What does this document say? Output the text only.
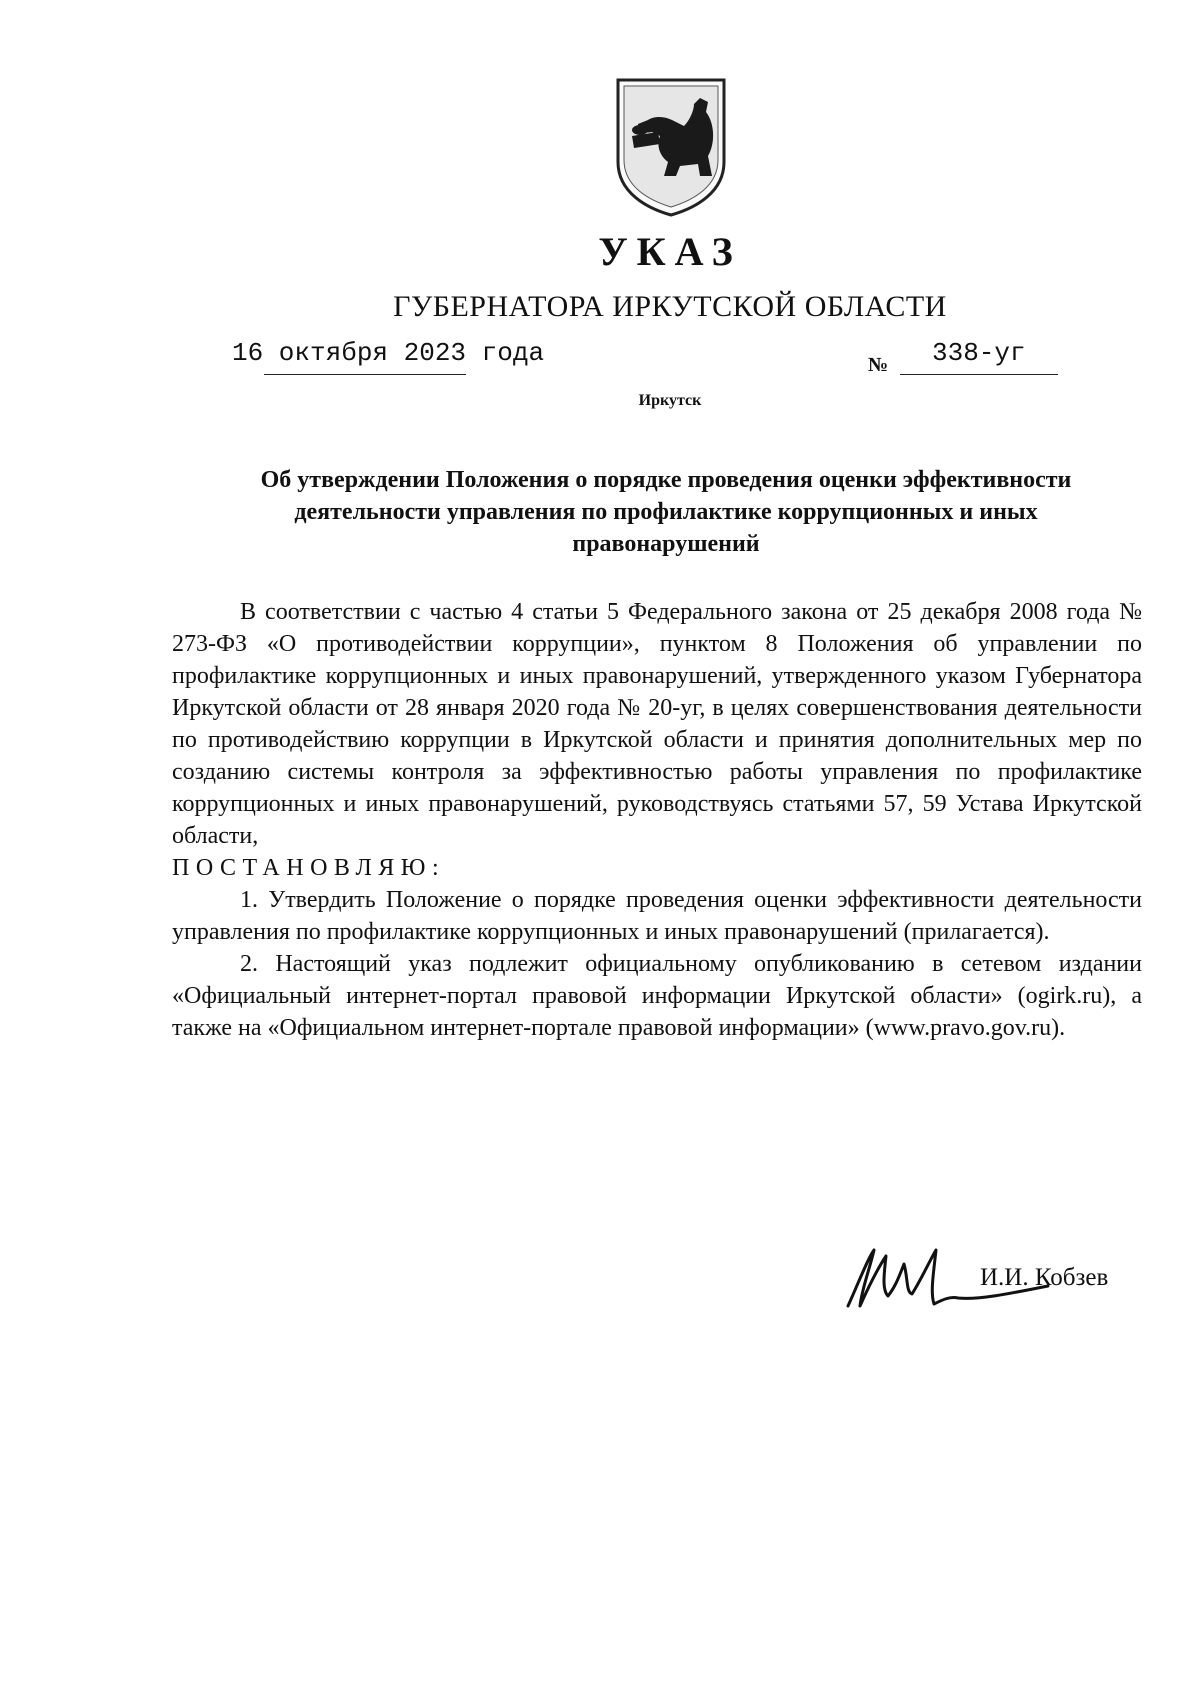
УКАЗ
ГУБЕРНАТОРА ИРКУТСКОЙ ОБЛАСТИ
16 октября 2023 года	№ 338-уг
Иркутск
Об утверждении Положения о порядке проведения оценки эффективности деятельности управления по профилактике коррупционных и иных правонарушений

В соответствии с частью 4 статьи 5 Федерального закона от 25 декабря 2008 года № 273-ФЗ «О противодействии коррупции», пунктом 8 Положения об управлении по профилактике коррупционных и иных правонарушений, утвержденного указом Губернатора Иркутской области от 28 января 2020 года № 20-уг, в целях совершенствования деятельности по противодействию коррупции в Иркутской области и принятия дополнительных мер по созданию системы контроля за эффективностью работы управления по профилактике коррупционных и иных правонарушений, руководствуясь статьями 57, 59 Устава Иркутской области,

ПОСТАНОВЛЯЮ:

1. Утвердить Положение о порядке проведения оценки эффективности деятельности управления по профилактике коррупционных и иных правонарушений (прилагается).

2. Настоящий указ подлежит официальному опубликованию в сетевом издании «Официальный интернет-портал правовой информации Иркутской области» (ogirk.ru), а также на «Официальном интернет-портале правовой информации» (www.pravo.gov.ru).

И.И. Кобзев
